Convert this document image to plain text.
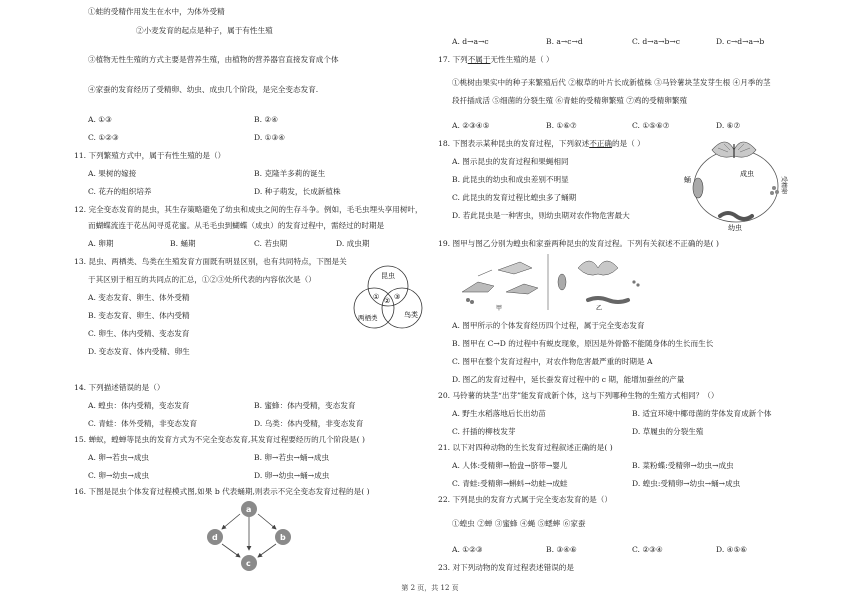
①蛙的受精作用发生在水中，为体外受精
②小麦发育的起点是种子，属于有性生殖
③植物无性生殖的方式主要是营养生殖，由植物的营养器官直接发育成个体
④家蚕的发育经历了受精卵、幼虫、成虫几个阶段，是完全变态发育.
A. ①③	B. ②④
C. ①②③	D. ①③④
11. 下列繁殖方式中，属于有性生殖的是（）
A. 果树的嫁接	B. 克隆羊多莉的诞生
C. 花卉的组织培养	D. 种子萌发，长成新植株
12. 完全变态发育的昆虫，其生存策略避免了幼虫和成虫之间的生存斗争。例如，毛毛虫埋头享用树叶，
而蝴蝶流连于花丛间寻觅花蜜。从毛毛虫到蝴蝶（成虫）的发育过程中，需经过的时期是
A. 卵期	B. 蛹期	C. 若虫期	D. 成虫期
13. 昆虫、两栖类、鸟类在生殖发育方面既有明显区别，也有共同特点，下图是关
于其区别于相互的共同点的汇总，①②③处所代表的内容依次是（）
A. 变态发育、卵生、体外受精
B. 变态发育、卵生、体内受精
C. 卵生、体内受精、变态发育
D. 变态发育、体内受精、卵生
昆虫
两栖类	鸟类
① ② ③
14. 下列描述错误的是（）
A. 蝗虫：体内受精，变态发育	B. 蜜蜂：体内受精，变态发育
C. 青蛙：体外受精，非变态发育	D. 乌类：体内受精，非变态发育
15. 蝉蚁，蝗蝉等昆虫的发育方式为不完全变态发育,其发育过程要经历的几个阶段是( )
A. 卵→若虫→成虫	B. 卵→若虫→蛹→成虫
C. 卵→幼虫→成虫	D. 卵→幼虫→蛹→成虫
16. 下图是昆虫个体发育过程模式图,如果 b 代表蛹期,则表示不完全变态发育过程的是( )
a
b
c
d
A. d→a→c	B. a→c→d	C. d→a→b→c	D. c→d→a→b
17. 下列不属于无性生殖的是（ ）
①桃树由果实中的种子来繁殖后代 ②椒草的叶片长成新植株 ③马铃薯块茎发芽生根 ④月季的茎
段扦插成活 ⑤细菌的分裂生殖 ⑥青蛙的受精卵繁殖 ⑦鸡的受精卵繁殖
A. ②③④⑤	B. ①⑥⑦	C. ①⑤⑥⑦	D. ⑥⑦
18. 下图表示某种昆虫的发育过程，下列叙述不正确的是（ ）
A. 图示昆虫的发育过程和果蝇相同
B. 此昆虫的幼虫和成虫差别不明显
C. 此昆虫的发育过程比蝗虫多了蛹期
D. 若此昆虫是一种害虫，则幼虫期对农作物危害最大
成虫
蛹	受精卵
幼虫
19. 图甲与图乙分别为蝗虫和家蚕两种昆虫的发育过程。下列有关叙述不正确的是( )
甲	乙
A. 图甲所示的个体发育经历四个过程，属于完全变态发育
B. 图甲在 C→D 的过程中有蜕皮现象，原因是外骨骼不能随身体的生长而生长
C. 图甲在整个发育过程中，对农作物危害最严重的时期是 A
D. 图乙的发育过程中，延长蚕发育过程中的 c 期，能增加蚕丝的产量
20. 马铃薯的块茎“出芽”能发育成新个体，这与下列哪种生物的生殖方式相同？（）
A. 野生水稻落地后长出幼苗	B. 适宜环境中椰母菌的芽体发育成新个体
C. 扦插的柳枝发芽	D. 草履虫的分裂生殖
21. 以下对四种动物的生长发育过程叙述正确的是( )
A. 人体:受精卵→胎盘→脐带→婴儿	B. 菜粉蝶:受精卵→幼虫→成虫
C. 青蛙:受精卵→蝌蚪→幼蛙→成蛙	D. 蝗虫:受精卵→幼虫→蛹→成虫
22. 下列昆虫的发育方式属于完全变态发育的是（）
①蝗虫 ②蝉 ③蜜蜂 ④蝇 ⑤蟋蟀 ⑥家蚕
A. ①②③	B. ③④⑥	C. ②③④	D. ④⑤⑥
23. 对下列动物的发育过程表述错误的是
第 2 页，共 12 页
